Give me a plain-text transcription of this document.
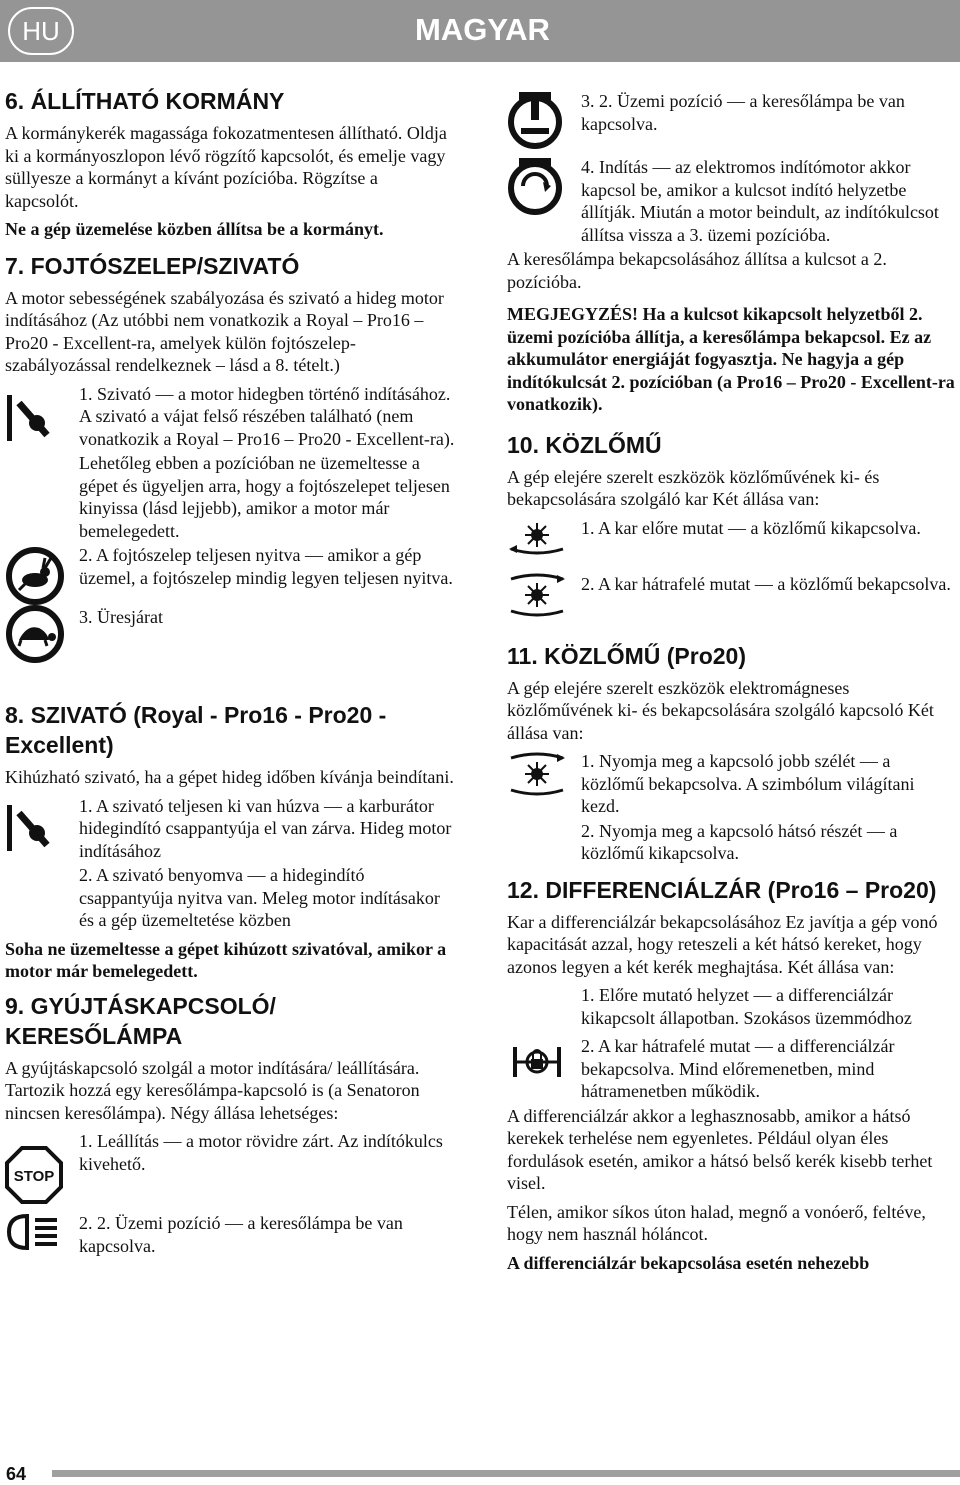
HU	MAGYAR
6. ÁLLÍTHATÓ KORMÁNY

A kormánykerék magassága fokozatmentesen állítható. Oldja ki a kormányoszlopon lévő rögzítő kapcsolót, és emelje vagy süllyesze a kormányt a kívánt pozícióba. Rögzítse a kapcsolót.

Ne a gép üzemelése közben állítsa be a kormányt.

7. FOJTÓSZELEP/SZIVATÓ

A motor sebességének szabályozása és szivató a hideg motor indításához (Az utóbbi nem vonatkozik a Royal – Pro16 – Pro20 - Excellent-ra, amelyek külön fojtószelep-szabályozással rendelkeznek – lásd a 8. tételt.)

1. Szivató — a motor hidegben történő indításához. A szivató a vájat felső részében található (nem vonatkozik a Royal – Pro16 – Pro20 - Excellent-ra).

Lehetőleg ebben a pozícióban ne üzemeltesse a gépet és ügyeljen arra, hogy a fojtószelepet teljesen kinyissa (lásd lejjebb), amikor a motor már bemelegedett.

2. A fojtószelep teljesen nyitva — amikor a gép üzemel, a fojtószelep mindig legyen teljesen nyitva.

3. Üresjárat

8. SZIVATÓ (Royal - Pro16 - Pro20 - Excellent)

Kihúzható szivató, ha a gépet hideg időben kívánja beindítani.

1. A szivató teljesen ki van húzva — a karburátor hidegindító csappantyúja el van zárva. Hideg motor indításához

2. A szivató benyomva — a hidegindító csappantyúja nyitva van. Meleg motor indításakor és a gép üzemeltetése közben

Soha ne üzemeltesse a gépet kihúzott szivatóval, amikor a motor már bemelegedett.

9. GYÚJTÁSKAPCSOLÓ/ KERESŐLÁMPA

A gyújtáskapcsoló szolgál a motor indítására/ leállítására. Tartozik hozzá egy keresőlámpa-kapcsoló is (a Senatoron nincsen keresőlámpa). Négy állása lehetséges:

STOP

1. Leállítás — a motor rövidre zárt. Az indítókulcs kivehető.

2. 2. Üzemi pozíció — a keresőlámpa be van kapcsolva.

3. 2. Üzemi pozíció — a keresőlámpa be van kapcsolva.

4. Indítás — az elektromos indítómotor akkor kapcsol be, amikor a kulcsot indító helyzetbe állítják. Miután a motor beindult, az indítókulcsot állítsa vissza a 3. üzemi pozícióba.

A keresőlámpa bekapcsolásához állítsa a kulcsot a 2. pozícióba.

MEGJEGYZÉS! Ha a kulcsot kikapcsolt helyzetből 2. üzemi pozícióba állítja, a keresőlámpa bekapcsol. Ez az akkumulátor energiáját fogyasztja. Ne hagyja a gép indítókulcsát 2. pozícióban (a Pro16 – Pro20 - Excellent-ra vonatkozik).

10. KÖZLŐMŰ

A gép elejére szerelt eszközök közlőművének ki- és bekapcsolására szolgáló kar Két állása van:

1. A kar előre mutat — a közlőmű kikapcsolva.

2. A kar hátrafelé mutat — a közlőmű bekapcsolva.

11. KÖZLŐMŰ (Pro20)

A gép elejére szerelt eszközök elektromágneses közlőművének ki- és bekapcsolására szolgáló kapcsoló Két állása van:

1. Nyomja meg a kapcsoló jobb szélét — a közlőmű bekapcsolva. A szimbólum világítani kezd.

2. Nyomja meg a kapcsoló hátsó részét — a közlőmű kikapcsolva.

12. DIFFERENCIÁLZÁR (Pro16 – Pro20)

Kar a differenciálzár bekapcsolásához Ez javítja a gép vonó kapacitását azzal, hogy reteszeli a két hátsó kereket, hogy azonos legyen a két kerék meghajtása. Két állása van:

1. Előre mutató helyzet — a differenciálzár kikapcsolt állapotban. Szokásos üzemmódhoz

2. A kar hátrafelé mutat — a differenciálzár bekapcsolva. Mind előremenetben, mind hátramenetben működik.

A differenciálzár akkor a leghasznosabb, amikor a hátsó kerekek terhelése nem egyenletes. Például olyan éles fordulások esetén, amikor a hátsó belső kerék kisebb terhet visel.

Télen, amikor síkos úton halad, megnő a vonóerő, feltéve, hogy nem használ hóláncot.

A differenciálzár bekapcsolása esetén nehezebb

64
